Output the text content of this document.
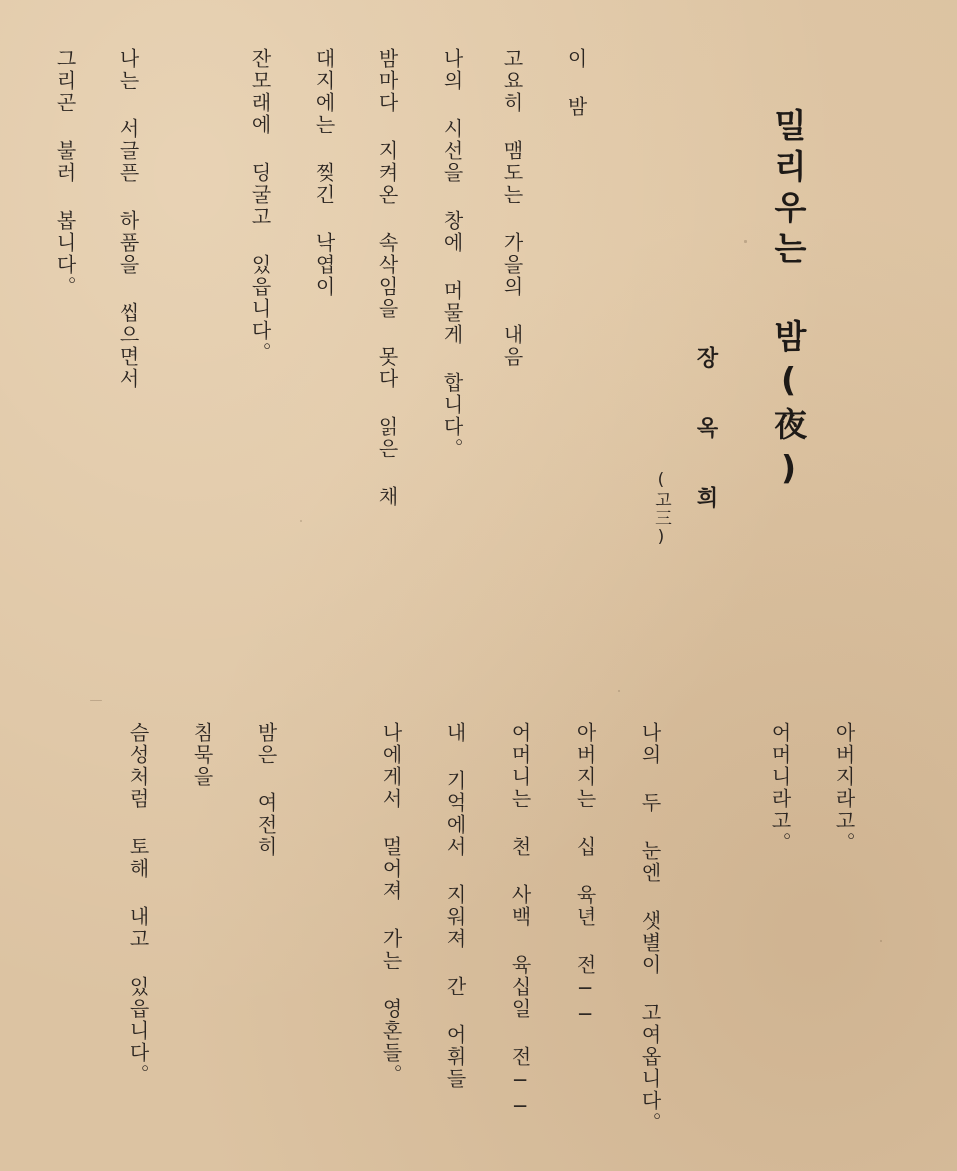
밀리우는 밤(夜)
장옥희
(고三)
이 밤
고요히 맴도는 가을의 내음
나의 시선을 창에 머물게 합니다。
밤마다 지켜온 속삭임을 못다 읽은 채
대지에는 찢긴 낙엽이
잔모래에 딩굴고 있읍니다。
나는 서글픈 하품을 씹으면서
그리곤 불러 봅니다。
아버지라고。
어머니라고。
나의 두 눈엔 샛별이 고여옵니다。
아버지는 십 육년 전──
어머니는 천 사백 육십일 전──
내 기억에서 지워져 간 어휘들
나에게서 멀어져 가는 영혼들。
밤은 여전히
침묵을
슴성처럼 토해 내고 있읍니다。
